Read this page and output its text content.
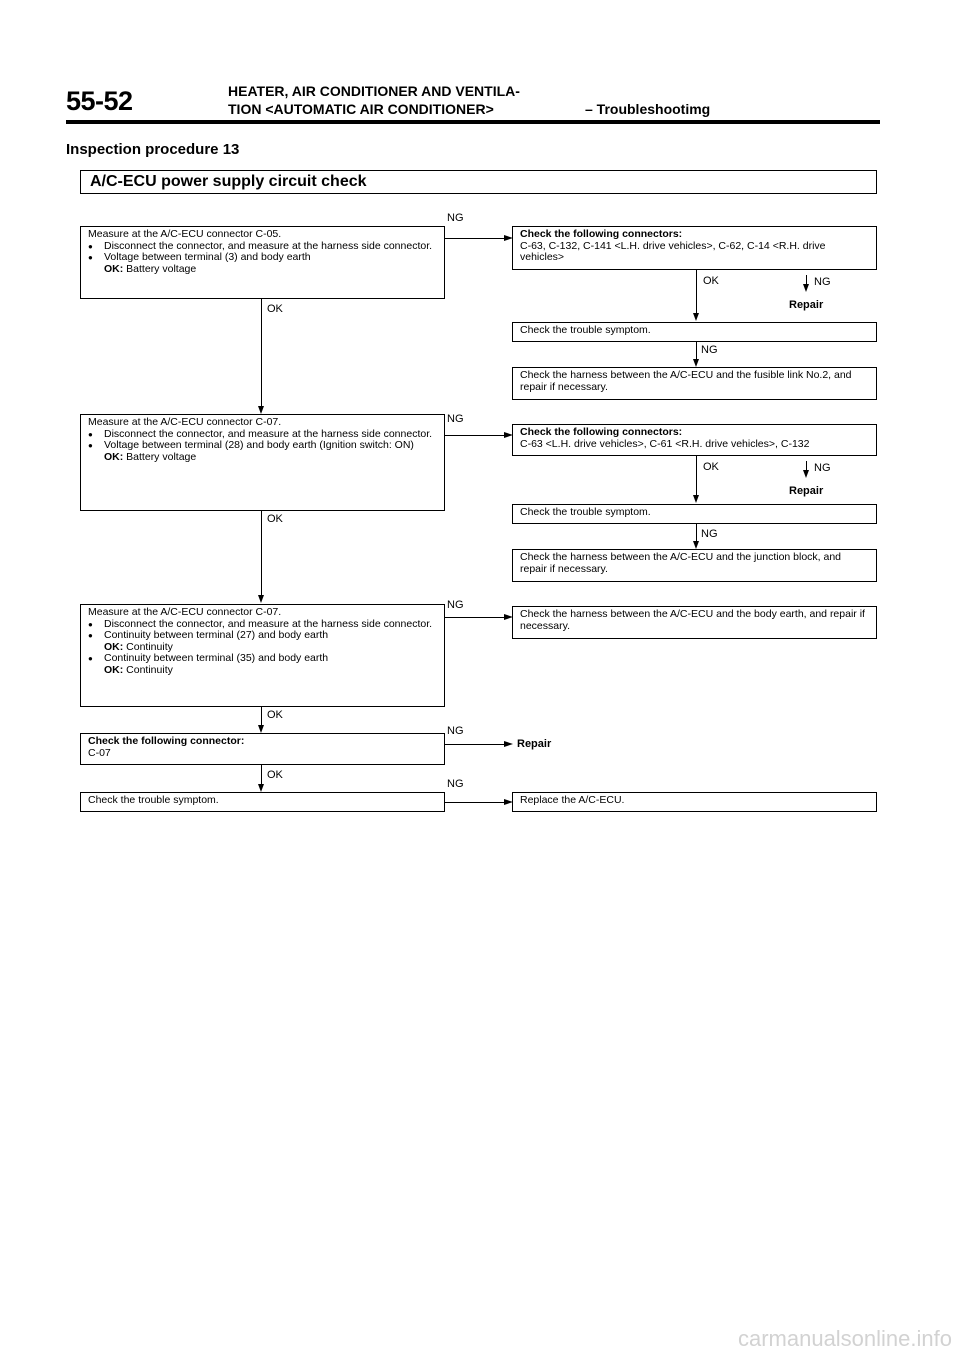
55-52	HEATER, AIR CONDITIONER AND VENTILA-
TION <AUTOMATIC AIR CONDITIONER>	– Troubleshootimg
Inspection procedure 13
A/C-ECU power supply circuit check
Measure at the A/C-ECU connector C-05.
● Disconnect the connector, and measure at the harness side connector.
● Voltage between terminal (3) and body earth
OK: Battery voltage
NG
Check the following connectors:
C-63, C-132, C-141 <L.H. drive vehicles>, C-62, C-14 <R.H. drive vehicles>
OK	NG
Repair
Check the trouble symptom.
NG
Check the harness between the A/C-ECU and the fusible link No.2, and repair if necessary.
OK
Measure at the A/C-ECU connector C-07.
● Disconnect the connector, and measure at the harness side connector.
● Voltage between terminal (28) and body earth (Ignition switch: ON)
OK: Battery voltage
NG
Check the following connectors:
C-63 <L.H. drive vehicles>, C-61 <R.H. drive vehicles>, C-132
OK	NG
Repair
Check the trouble symptom.
NG
Check the harness between the A/C-ECU and the junction block, and repair if necessary.
OK
Measure at the A/C-ECU connector C-07.
● Disconnect the connector, and measure at the harness side connector.
● Continuity between terminal (27) and body earth
OK: Continuity
● Continuity between terminal (35) and body earth
OK: Continuity
NG
Check the harness between the A/C-ECU and the body earth, and repair if necessary.
OK
Check the following connector:
C-07
NG
Repair
OK
Check the trouble symptom.
NG
Replace the A/C-ECU.
carmanualsonline.info
